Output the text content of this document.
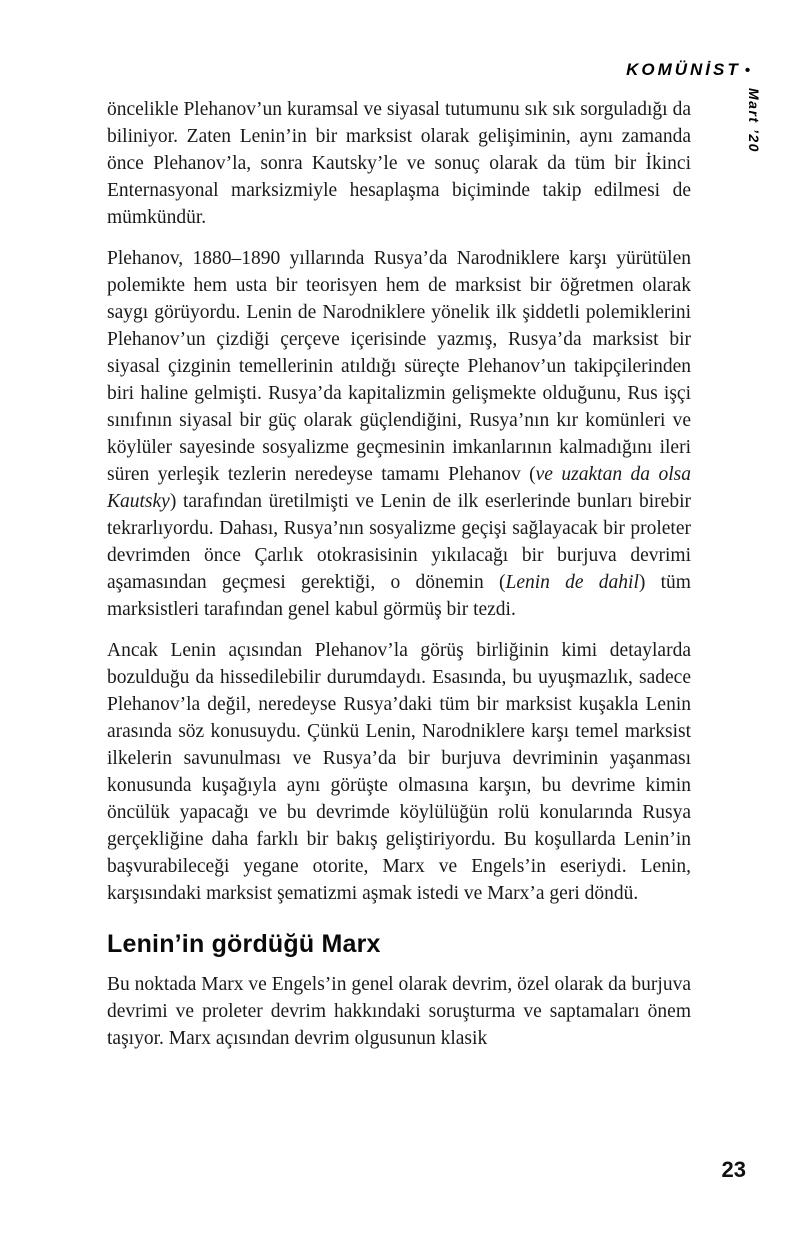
KOMÜNİST •
Mart ’20

öncelikle Plehanov’un kuramsal ve siyasal tutumunu sık sık sorguladığı da biliniyor. Zaten Lenin’in bir marksist olarak gelişiminin, aynı zamanda önce Plehanov’la, sonra Kautsky’le ve sonuç olarak da tüm bir İkinci Enternasyonal marksizmiyle hesaplaşma biçiminde takip edilmesi de mümkündür.

Plehanov, 1880–1890 yıllarında Rusya’da Narodniklere karşı yürütülen polemikte hem usta bir teorisyen hem de marksist bir öğretmen olarak saygı görüyordu. Lenin de Narodniklere yönelik ilk şiddetli polemiklerini Plehanov’un çizdiği çerçeve içerisinde yazmış, Rusya’da marksist bir siyasal çizginin temellerinin atıldığı süreçte Plehanov’un takipçilerinden biri haline gelmişti. Rusya’da kapitalizmin gelişmekte olduğunu, Rus işçi sınıfının siyasal bir güç olarak güçlendiğini, Rusya’nın kır komünleri ve köylüler sayesinde sosyalizme geçmesinin imkanlarının kalmadığını ileri süren yerleşik tezlerin neredeyse tamamı Plehanov (ve uzaktan da olsa Kautsky) tarafından üretilmişti ve Lenin de ilk eserlerinde bunları birebir tekrarlıyordu. Dahası, Rusya’nın sosyalizme geçişi sağlayacak bir proleter devrimden önce Çarlık otokrasisinin yıkılacağı bir burjuva devrimi aşamasından geçmesi gerektiği, o dönemin (Lenin de dahil) tüm marksistleri tarafından genel kabul görmüş bir tezdi.

Ancak Lenin açısından Plehanov’la görüş birliğinin kimi detaylarda bozulduğu da hissedilebilir durumdaydı. Esasında, bu uyuşmazlık, sadece Plehanov’la değil, neredeyse Rusya’daki tüm bir marksist kuşakla Lenin arasında söz konusuydu. Çünkü Lenin, Narodniklere karşı temel marksist ilkelerin savunulması ve Rusya’da bir burjuva devriminin yaşanması konusunda kuşağıyla aynı görüşte olmasına karşın, bu devrime kimin öncülük yapacağı ve bu devrimde köylülüğün rolü konularında Rusya gerçekliğine daha farklı bir bakış geliştiriyordu. Bu koşullarda Lenin’in başvurabileceği yegane otorite, Marx ve Engels’in eseriydi. Lenin, karşısındaki marksist şematizmi aşmak istedi ve Marx’a geri döndü.

Lenin’in gördüğü Marx

Bu noktada Marx ve Engels’in genel olarak devrim, özel olarak da burjuva devrimi ve proleter devrim hakkındaki soruşturma ve saptamaları önem taşıyor. Marx açısından devrim olgusunun klasik

23
